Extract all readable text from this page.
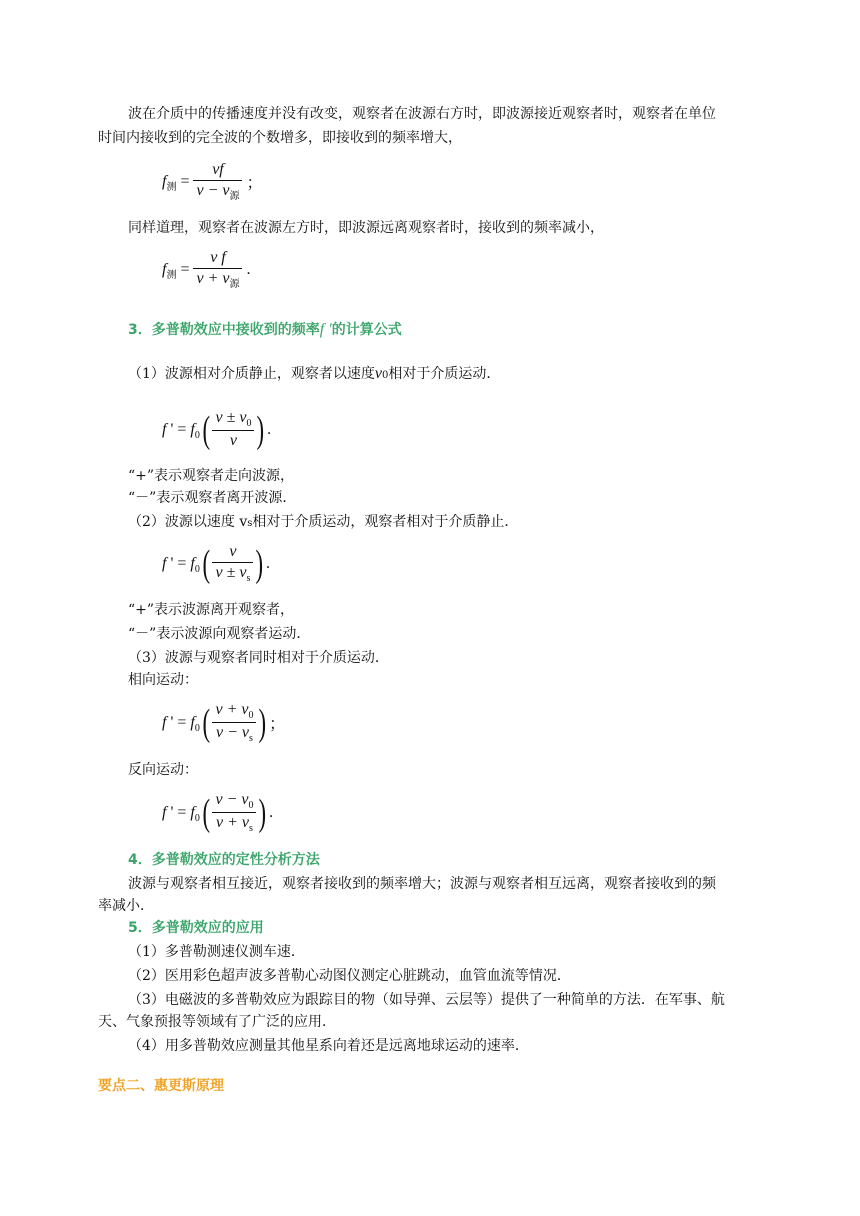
波在介质中的传播速度并没有改变，观察者在波源右方时，即波源接近观察者时，观察者在单位
时间内接收到的完全波的个数增多，即接收到的频率增大，
$f_测 = \frac{vf}{v - v_源}$ ；
同样道理，观察者在波源左方时，即波源远离观察者时，接收到的频率减小，
$f_测 = \frac{\text{v f}}{v + v_源}$ .
3．多普勒效应中接收到的频率f ′的计算公式
（1）波源相对介质静止，观察者以速度v0相对于介质运动．
f ' = $f_0( \frac{v \pm v_0}{v}$ ) .
“+”表示观察者走向波源，
“－”表示观察者离开波源．
（2）波源以速度 vs相对于介质运动，观察者相对于介质静止．
f ' = $f_0( \frac{v}{v \pm v_s}$ ) .
“+”表示波源离开观察者，
“－”表示波源向观察者运动．
（3）波源与观察者同时相对于介质运动．
相向运动：
f ' = $f_0( \frac{v + v_0}{v - v_s}$ ) ；
反向运动：
f ' = $f_0( \frac{v - v_0}{v + v_s}$ ) .
4．多普勒效应的定性分析方法
波源与观察者相互接近，观察者接收到的频率增大；波源与观察者相互远离，观察者接收到的频
率减小．
5．多普勒效应的应用
（1）多普勒测速仪测车速．
（2）医用彩色超声波多普勒心动图仪测定心脏跳动，血管血流等情况．
（3）电磁波的多普勒效应为跟踪目的物（如导弹、云层等）提供了一种简单的方法．在军事、航
天、气象预报等领域有了广泛的应用．
（4）用多普勒效应测量其他星系向着还是远离地球运动的速率．
要点二、惠更斯原理
